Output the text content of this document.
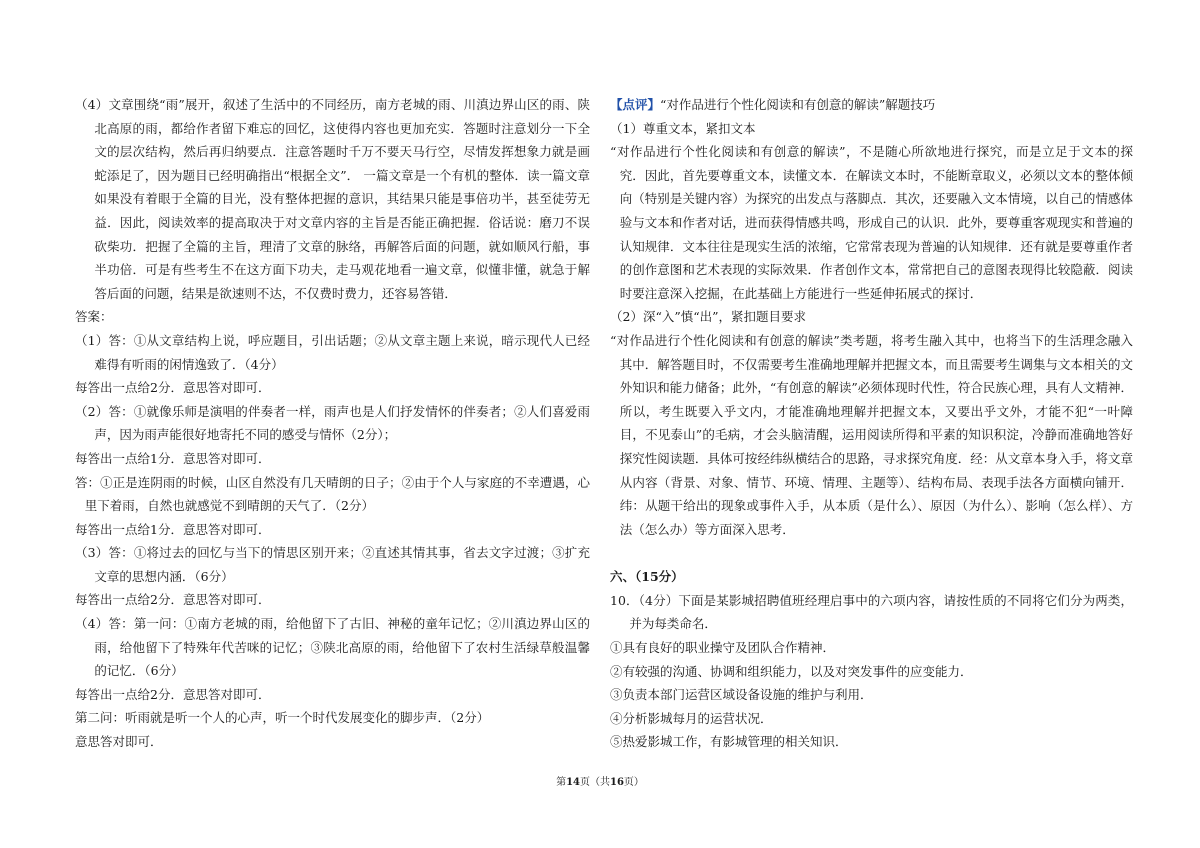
（4）文章围绕“雨”展开，叙述了生活中的不同经历，南方老城的雨、川滇边界山区的雨、陕北高原的雨，都给作者留下难忘的回忆，这使得内容也更加充实．答题时注意划分一下全文的层次结构，然后再归纳要点．注意答题时千万不要天马行空，尽情发挥想象力就是画蛇添足了，因为题目已经明确指出“根据全文”． 一篇文章是一个有机的整体．读一篇文章如果没有着眼于全篇的目光，没有整体把握的意识，其结果只能是事倍功半，甚至徒劳无益．因此，阅读效率的提高取决于对文章内容的主旨是否能正确把握．俗话说：磨刀不误砍柴功．把握了全篇的主旨，理清了文章的脉络，再解答后面的问题，就如顺风行船，事半功倍．可是有些考生不在这方面下功夫，走马观花地看一遍文章，似懂非懂，就急于解答后面的问题，结果是欲速则不达，不仅费时费力，还容易答错．

答案：

（1）答：①从文章结构上说，呼应题目，引出话题；②从文章主题上来说，暗示现代人已经难得有听雨的闲情逸致了．（4分）

每答出一点给2分．意思答对即可．

（2）答：①就像乐师是演唱的伴奏者一样，雨声也是人们抒发情怀的伴奏者；②人们喜爱雨声，因为雨声能很好地寄托不同的感受与情怀（2分）；

每答出一点给1分．意思答对即可．

答：①正是连阴雨的时候，山区自然没有几天晴朗的日子；②由于个人与家庭的不幸遭遇，心里下着雨，自然也就感觉不到晴朗的天气了．（2分）

每答出一点给1分．意思答对即可．

（3）答：①将过去的回忆与当下的情思区别开来；②直述其情其事，省去文字过渡；③扩充文章的思想内涵．（6分）

每答出一点给2分．意思答对即可．

（4）答：第一问：①南方老城的雨，给他留下了古旧、神秘的童年记忆；②川滇边界山区的雨，给他留下了特殊年代苦咪的记忆；③陕北高原的雨，给他留下了农村生活绿草般温馨的记忆．（6分）

每答出一点给2分．意思答对即可．

第二问：听雨就是听一个人的心声，听一个时代发展变化的脚步声．（2分）

意思答对即可．

【点评】“对作品进行个性化阅读和有创意的解读”解题技巧

（1）尊重文本，紧扣文本

“对作品进行个性化阅读和有创意的解读”，不是随心所欲地进行探究，而是立足于文本的探究．因此，首先要尊重文本，读懂文本．在解读文本时，不能断章取义，必须以文本的整体倾向（特别是关键内容）为探究的出发点与落脚点．其次，还要融入文本情境，以自己的情感体验与文本和作者对话，进而获得情感共鸣，形成自己的认识．此外，要尊重客观现实和普遍的认知规律．文本往往是现实生活的浓缩，它常常表现为普遍的认知规律．还有就是要尊重作者的创作意图和艺术表现的实际效果．作者创作文本，常常把自己的意图表现得比较隐蔽．阅读时要注意深入挖掘，在此基础上方能进行一些延伸拓展式的探讨．

（2）深“入”慎“出”，紧扣题目要求

“对作品进行个性化阅读和有创意的解读”类考题，将考生融入其中，也将当下的生活理念融入其中．解答题目时，不仅需要考生准确地理解并把握文本，而且需要考生调集与文本相关的文外知识和能力储备；此外，“有创意的解读”必须体现时代性，符合民族心理，具有人文精神．所以，考生既要入乎文内，才能准确地理解并把握文本，又要出乎文外，才能不犯“一叶障目，不见泰山”的毛病，才会头脑清醒，运用阅读所得和平素的知识积淀，冷静而准确地答好探究性阅读题．具体可按经纬纵横结合的思路，寻求探究角度．经：从文章本身入手，将文章从内容（背景、对象、情节、环境、情理、主题等）、结构布局、表现手法各方面横向铺开．纬：从题干给出的现象或事件入手，从本质（是什么）、原因（为什么）、影响（怎么样）、方法（怎么办）等方面深入思考．

六、（15分）

10．（4分）下面是某影城招聘值班经理启事中的六项内容，请按性质的不同将它们分为两类，并为每类命名．

①具有良好的职业操守及团队合作精神．

②有较强的沟通、协调和组织能力，以及对突发事件的应变能力．

③负责本部门运营区域设备设施的维护与利用．

④分析影城每月的运营状况．

⑤热爱影城工作，有影城管理的相关知识．

第14页（共16页）
